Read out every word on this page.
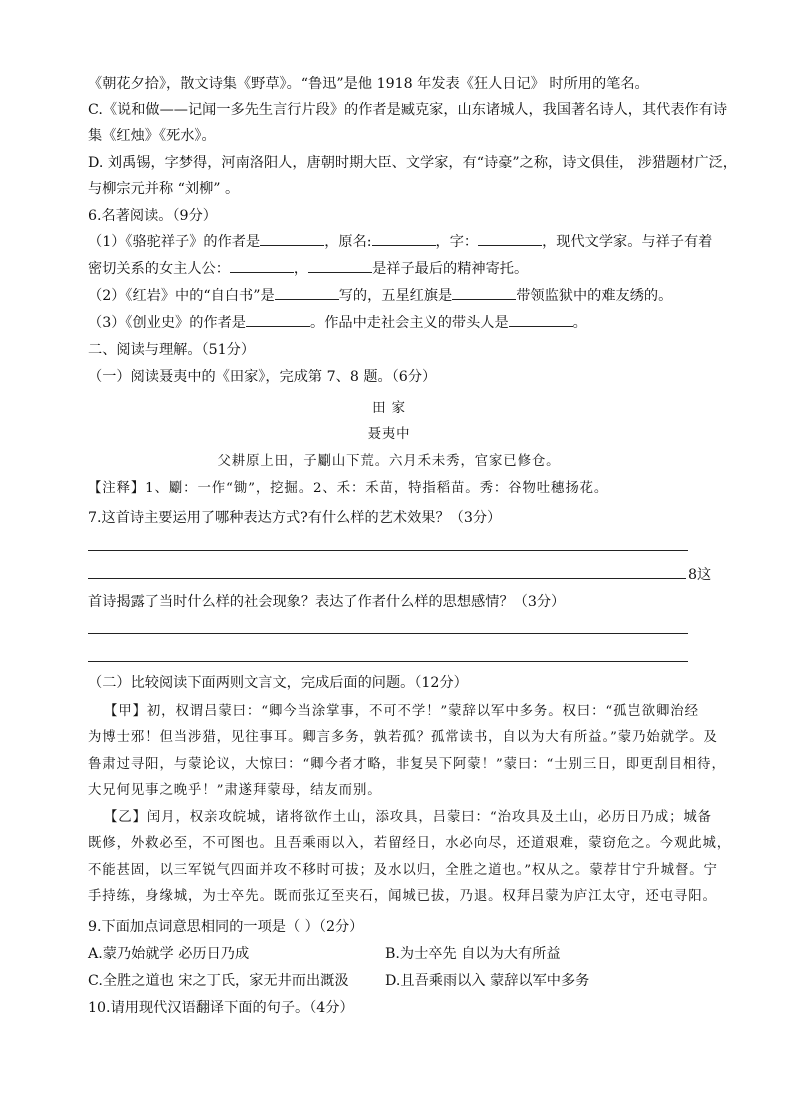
《朝花夕拾》，散文诗集《野草》。“鲁迅”是他 1918 年发表《狂人日记》 时所用的笔名。
C.《说和做——记闻一多先生言行片段》的作者是臧克家，山东诸城人，我国著名诗人，其代表作有诗
集《红烛》《死水》。
D. 刘禹锡，字梦得，河南洛阳人，唐朝时期大臣、文学家，有“诗豪”之称，诗文俱佳， 涉猎题材广泛，
与柳宗元并称 “刘柳” 。
6.名著阅读。（9分）
（1）《骆驼祥子》的作者是	，原名:	，字：	，现代文学家。与祥子有着
密切关系的女主人公：	，	是祥子最后的精神寄托。
（2）《红岩》中的“自白书”是	写的，五星红旗是	带领监狱中的难友绣的。
（3）《创业史》的作者是	。作品中走社会主义的带头人是	。
二、阅读与理解。（51分）
（一）阅读聂夷中的《田家》，完成第 7、8 题。（6分）
田 家
聂夷中
父耕原上田，子劚山下荒。六月禾未秀，官家已修仓。
【注释】1、劚：一作“锄”，挖掘。2、禾：禾苗，特指稻苗。秀：谷物吐穗扬花。
7.这首诗主要运用了哪种表达方式?有什么样的艺术效果？（3分）
8这
首诗揭露了当时什么样的社会现象？表达了作者什么样的思想感情？（3分）
（二）比较阅读下面两则文言文，完成后面的问题。（12分）
【甲】初，权谓吕蒙曰：“卿今当涂掌事，不可不学！”蒙辞以军中多务。权曰：“孤岂欲卿治经
为博士邪！但当涉猎，见往事耳。卿言多务，孰若孤？孤常读书，自以为大有所益。”蒙乃始就学。及
鲁肃过寻阳，与蒙论议，大惊曰：“卿今者才略，非复吴下阿蒙！”蒙曰：“士别三日，即更刮目相待，
大兄何见事之晚乎！”肃遂拜蒙母，结友而别。
【乙】闰月，权亲攻皖城，诸将欲作土山，添攻具，吕蒙曰：“治攻具及土山，必历日乃成；城备
既修，外救必至，不可图也。且吾乘雨以入，若留经日，水必向尽，还道艰难，蒙窃危之。今观此城，
不能甚固，以三军锐气四面并攻不移时可拔；及水以归，全胜之道也。”权从之。蒙荐甘宁升城督。宁
手持练，身缘城，为士卒先。既而张辽至夹石，闻城已拔，乃退。权拜吕蒙为庐江太守，还屯寻阳。
9.下面加点词意思相同的一项是（ ）（2分）
A.蒙乃始就学 必历日乃成	B.为士卒先 自以为大有所益
C.全胜之道也 宋之丁氏，家无井而出溉汲	D.且吾乘雨以入 蒙辞以军中多务
10.请用现代汉语翻译下面的句子。（4分）
